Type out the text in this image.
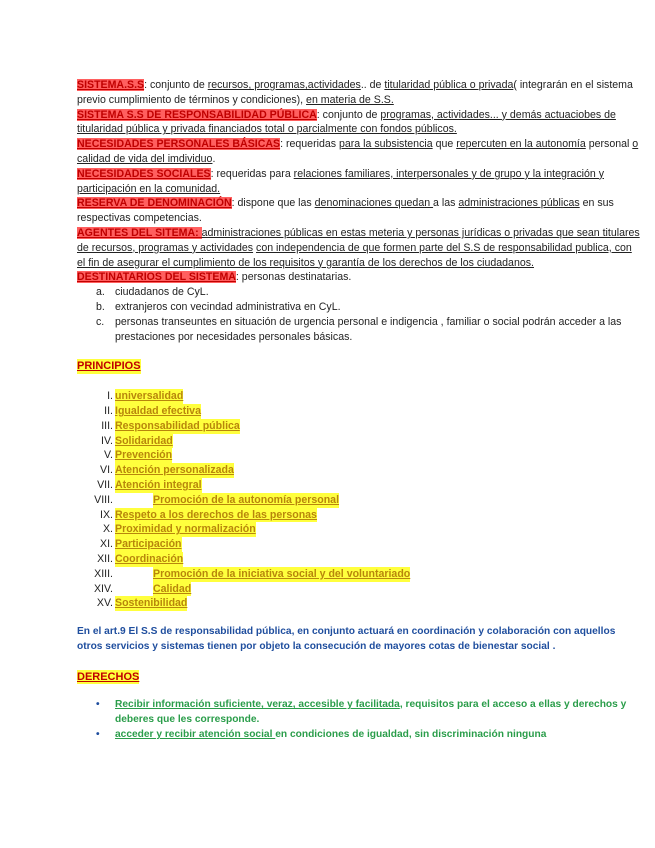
SISTEMA.S.S: conjunto de recursos, programas,actividades.. de titularidad pública o privada( integrarán en el sistema previo cumplimiento de términos y condiciones), en materia de S.S.

SISTEMA S.S DE RESPONSABILIDAD PÚBLICA: conjunto de programas, actividades... y demás actuaciobes de titularidad pública y privada financiados total o parcialmente con fondos públicos.

NECESIDADES PERSONALES BÁSICAS: requeridas para la subsistencia que repercuten en la autonomía personal o calidad de vida del imdividuo.

NECESIDADES SOCIALES: requeridas para relaciones familiares, interpersonales y de grupo y la integración y participación en la comunidad.

RESERVA DE DENOMINACIÓN: dispone que las denominaciones quedan a las administraciones públicas en sus respectivas competencias.

AGENTES DEL SITEMA: administraciones públicas en estas meteria y personas jurídicas o privadas que sean titulares de recursos, programas y actividades con independencia de que formen parte del S.S de responsabilidad publica, con el fin de asegurar el cumplimiento de los requisitos y garantía de los derechos de los ciudadanos.

DESTINATARIOS DEL SISTEMA: personas destinatarias.

a. ciudadanos de CyL.
b. extranjeros con vecindad administrativa en CyL.
c. personas transeuntes en situación de urgencia personal e indigencia , familiar o social podrán acceder a las prestaciones por necesidades personales básicas.
PRINCIPIOS
I. universalidad
II. Igualdad efectiva
III. Responsabilidad pública
IV. Solidaridad
V. Prevención
VI. Atención personalizada
VII. Atención integral
VIII.	Promoción de la autonomía personal
IX. Respeto a los derechos de las personas
X. Proximidad y normalización
XI. Participación
XII. Coordinación
XIII.	Promoción de la iniciativa social y del voluntariado
XIV.	Calidad
XV. Sostenibilidad

En el art.9 El S.S de responsabilidad pública, en conjunto actuará en coordinación y colaboración con aquellos otros servicios y sistemas tienen por objeto la consecución de mayores cotas de bienestar social .

DERECHOS
• Recibir información suficiente, veraz, accesible y facilitada, requisitos para el acceso a ellas y derechos y deberes que les corresponde.
• acceder y recibir atención social en condiciones de igualdad, sin discriminación ninguna
